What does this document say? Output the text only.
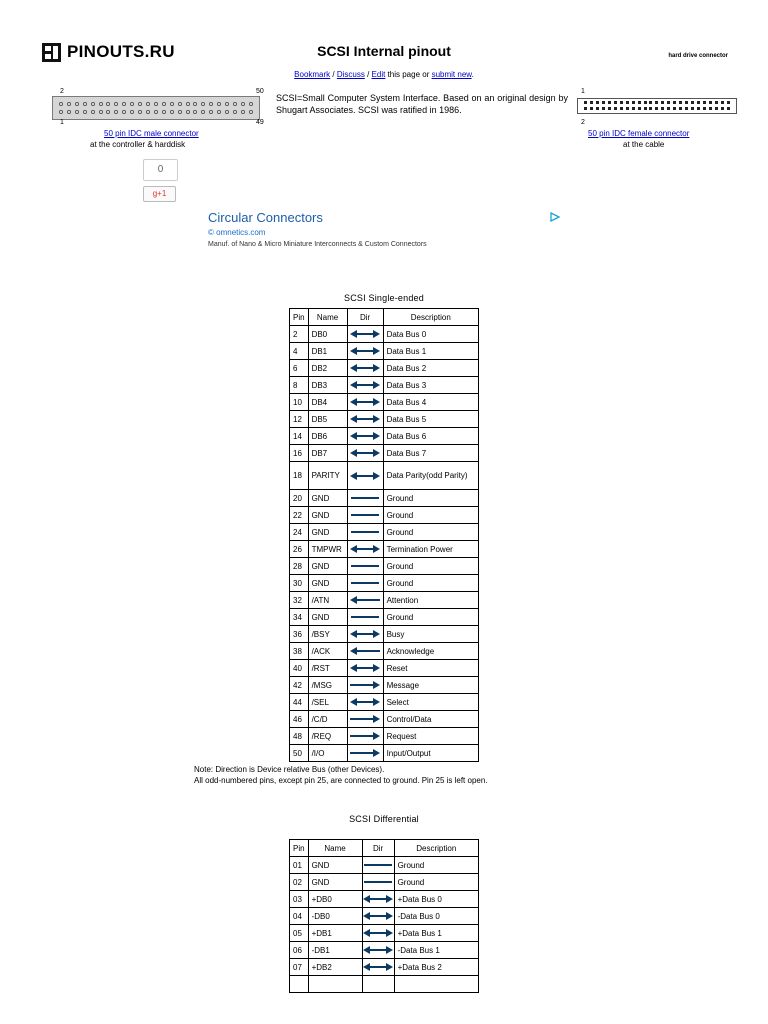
PINOUTS.RU	SCSI Internal pinout	hard drive connector
Bookmark / Discuss / Edit this page or submit new.
2	50
1	49
50 pin IDC male connector
at the controller & harddisk
SCSI=Small Computer System Interface. Based on an original design by Shugart Associates. SCSI was ratified in 1986.
1
2
50 pin IDC female connector
at the cable
0
g+1
Circular Connectors
© omnetics.com
Manuf. of Nano & Micro Miniature Interconnects & Custom Connectors
SCSI Single-ended
Pin	Name	Dir	Description
2	DB0		Data Bus 0
4	DB1		Data Bus 1
6	DB2		Data Bus 2
8	DB3		Data Bus 3
10	DB4		Data Bus 4
12	DB5		Data Bus 5
14	DB6		Data Bus 6
16	DB7		Data Bus 7
18	PARITY		Data Parity(odd Parity)
20	GND		Ground
22	GND		Ground
24	GND		Ground
26	TMPWR		Termination Power
28	GND		Ground
30	GND		Ground
32	/ATN		Attention
34	GND		Ground
36	/BSY		Busy
38	/ACK		Acknowledge
40	/RST		Reset
42	/MSG		Message
44	/SEL		Select
46	/C/D		Control/Data
48	/REQ		Request
50	/I/O		Input/Output
Note: Direction is Device relative Bus (other Devices).
All odd-numbered pins, except pin 25, are connected to ground. Pin 25 is left open.
SCSI Differential
Pin	Name	Dir	Description
01	GND		Ground
02	GND		Ground
03	+DB0		+Data Bus 0
04	-DB0		-Data Bus 0
05	+DB1		+Data Bus 1
06	-DB1		-Data Bus 1
07	+DB2		+Data Bus 2
